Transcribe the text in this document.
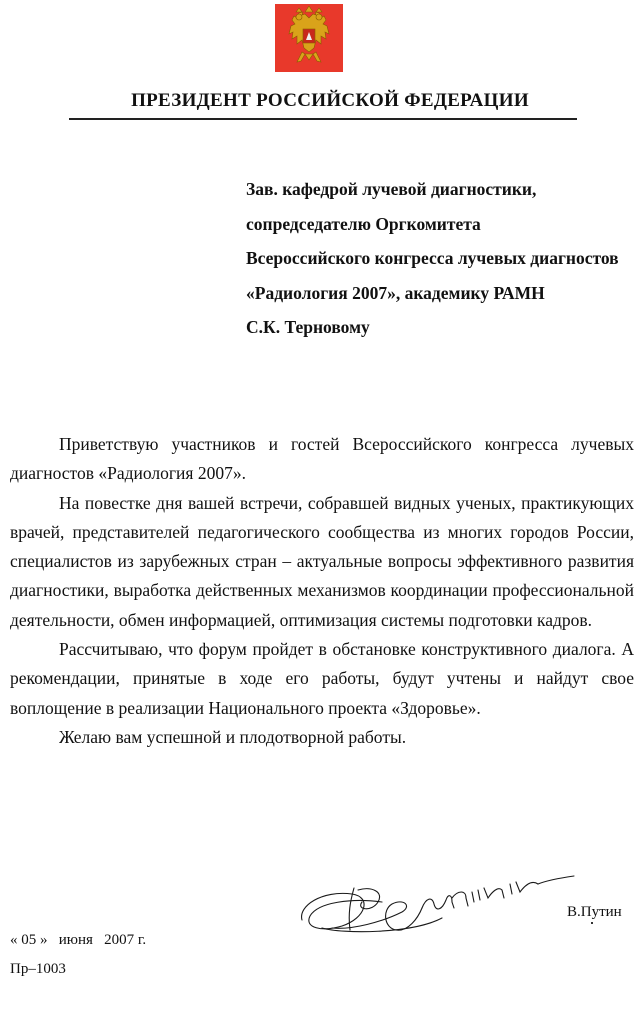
ПРЕЗИДЕНТ РОССИЙСКОЙ ФЕДЕРАЦИИ
Зав. кафедрой лучевой диагностики,
сопредседателю Оргкомитета
Всероссийского конгресса лучевых диагностов
«Радиология 2007», академику РАМН
С.К. Терновому

Приветствую участников и гостей Всероссийского конгресса лучевых диагностов «Радиология 2007».

На повестке дня вашей встречи, собравшей видных ученых, практикующих врачей, представителей педагогического сообщества из многих городов России, специалистов из зарубежных стран – актуальные вопросы эффективного развития диагностики, выработка действенных механизмов координации профессиональной деятельности, обмен информацией, оптимизация системы подготовки кадров.

Рассчитываю, что форум пройдет в обстановке конструктивного диалога. А рекомендации, принятые в ходе его работы, будут учтены и найдут свое воплощение в реализации Национального проекта «Здоровье».

Желаю вам успешной и плодотворной работы.

В.Путин
« 05 »   июня   2007 г.
Пр–1003
